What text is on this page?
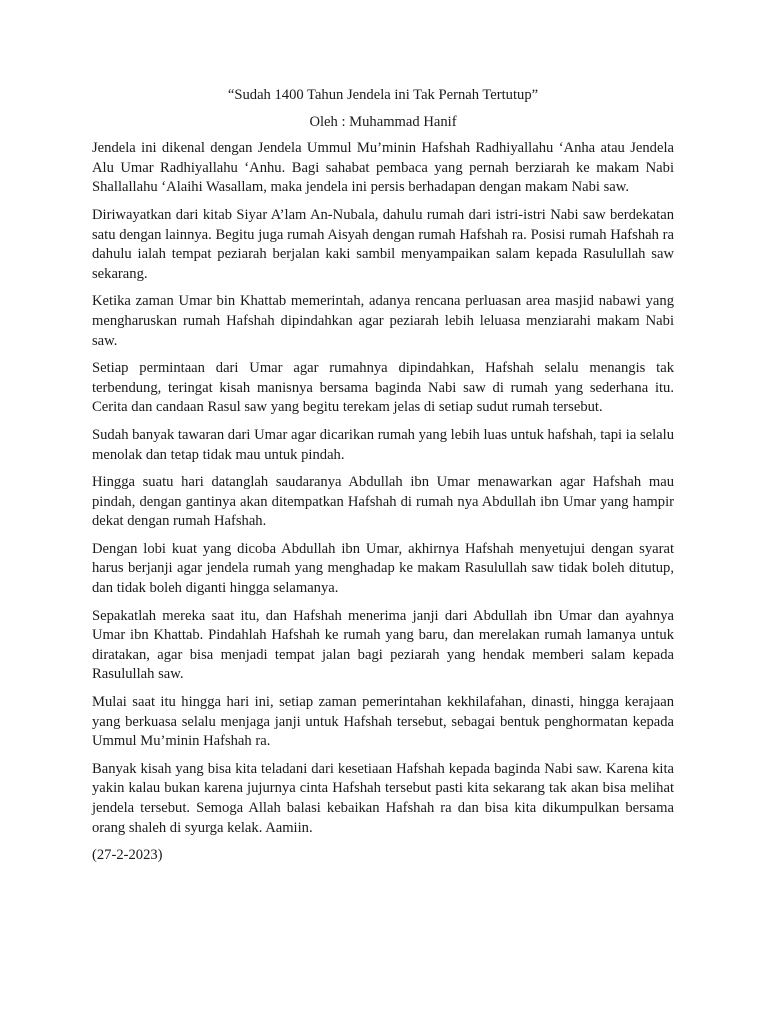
“Sudah 1400 Tahun Jendela ini Tak Pernah Tertutup”

Oleh : Muhammad Hanif

Jendela ini dikenal dengan Jendela Ummul Mu’minin Hafshah Radhiyallahu ‘Anha atau Jendela Alu Umar Radhiyallahu ‘Anhu. Bagi sahabat pembaca yang pernah berziarah ke makam Nabi Shallallahu ‘Alaihi Wasallam, maka jendela ini persis berhadapan dengan makam Nabi saw.

Diriwayatkan dari kitab Siyar A’lam An-Nubala, dahulu rumah dari istri-istri Nabi saw berdekatan satu dengan lainnya. Begitu juga rumah Aisyah dengan rumah Hafshah ra. Posisi rumah Hafshah ra dahulu ialah tempat peziarah berjalan kaki sambil menyampaikan salam kepada Rasulullah saw sekarang.

Ketika zaman Umar bin Khattab memerintah, adanya rencana perluasan area masjid nabawi yang mengharuskan rumah Hafshah dipindahkan agar peziarah lebih leluasa menziarahi makam Nabi saw.

Setiap permintaan dari Umar agar rumahnya dipindahkan, Hafshah selalu menangis tak terbendung, teringat kisah manisnya bersama baginda Nabi saw di rumah yang sederhana itu. Cerita dan candaan Rasul saw yang begitu terekam jelas di setiap sudut rumah tersebut.

Sudah banyak tawaran dari Umar agar dicarikan rumah yang lebih luas untuk hafshah, tapi ia selalu menolak dan tetap tidak mau untuk pindah.

Hingga suatu hari datanglah saudaranya Abdullah ibn Umar menawarkan agar Hafshah mau pindah, dengan gantinya akan ditempatkan Hafshah di rumah nya Abdullah ibn Umar yang hampir dekat dengan rumah Hafshah.

Dengan lobi kuat yang dicoba Abdullah ibn Umar, akhirnya Hafshah menyetujui dengan syarat harus berjanji agar jendela rumah yang menghadap ke makam Rasulullah saw tidak boleh ditutup, dan tidak boleh diganti hingga selamanya.

Sepakatlah mereka saat itu, dan Hafshah menerima janji dari Abdullah ibn Umar dan ayahnya Umar ibn Khattab. Pindahlah Hafshah ke rumah yang baru, dan merelakan rumah lamanya untuk diratakan, agar bisa menjadi tempat jalan bagi peziarah yang hendak memberi salam kepada Rasulullah saw.

Mulai saat itu hingga hari ini, setiap zaman pemerintahan kekhilafahan, dinasti, hingga kerajaan yang berkuasa selalu menjaga janji untuk Hafshah tersebut, sebagai bentuk penghormatan kepada Ummul Mu’minin Hafshah ra.

Banyak kisah yang bisa kita teladani dari kesetiaan Hafshah kepada baginda Nabi saw. Karena kita yakin kalau bukan karena jujurnya cinta Hafshah tersebut pasti kita sekarang tak akan bisa melihat jendela tersebut. Semoga Allah balasi kebaikan Hafshah ra dan bisa kita dikumpulkan bersama orang shaleh di syurga kelak. Aamiin.

(27-2-2023)
